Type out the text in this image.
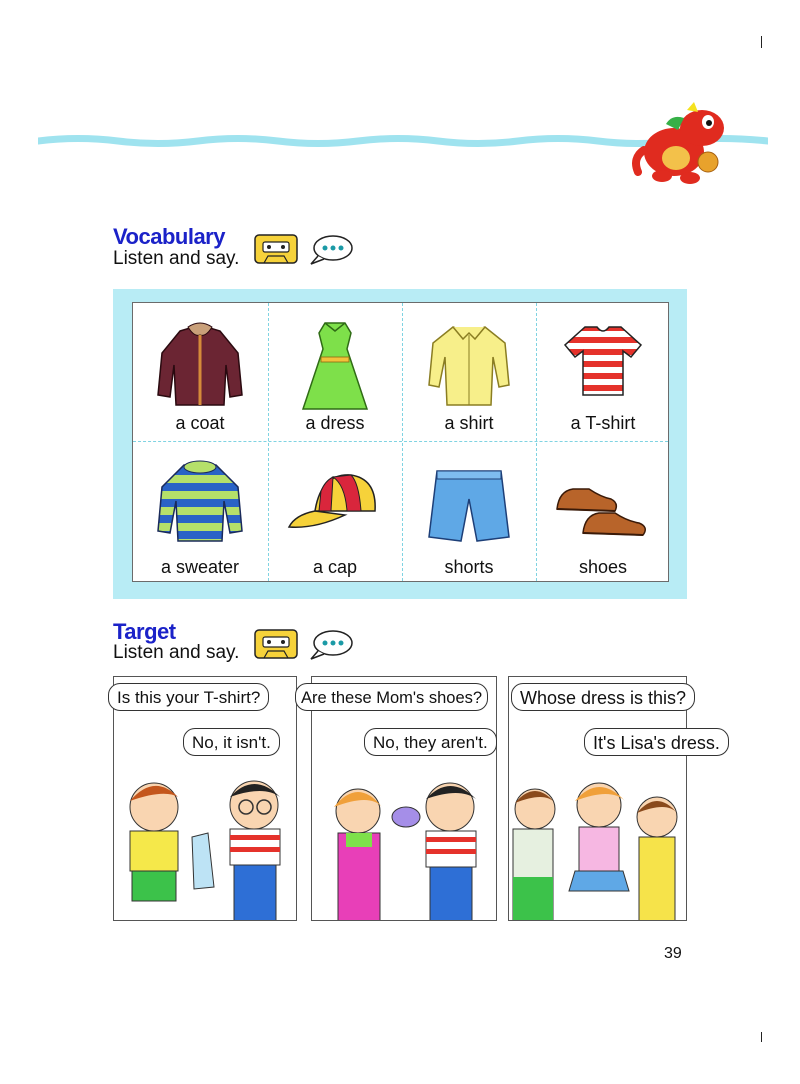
Vocabulary
Listen and say.
a coat	a dress	a shirt	a T-shirt
a sweater	a cap	shorts	shoes
Target
Listen and say.
Is this your T-shirt?
No, it isn't.
Are these Mom's shoes?
No, they aren't.
Whose dress is this?
It's Lisa's dress.
39
